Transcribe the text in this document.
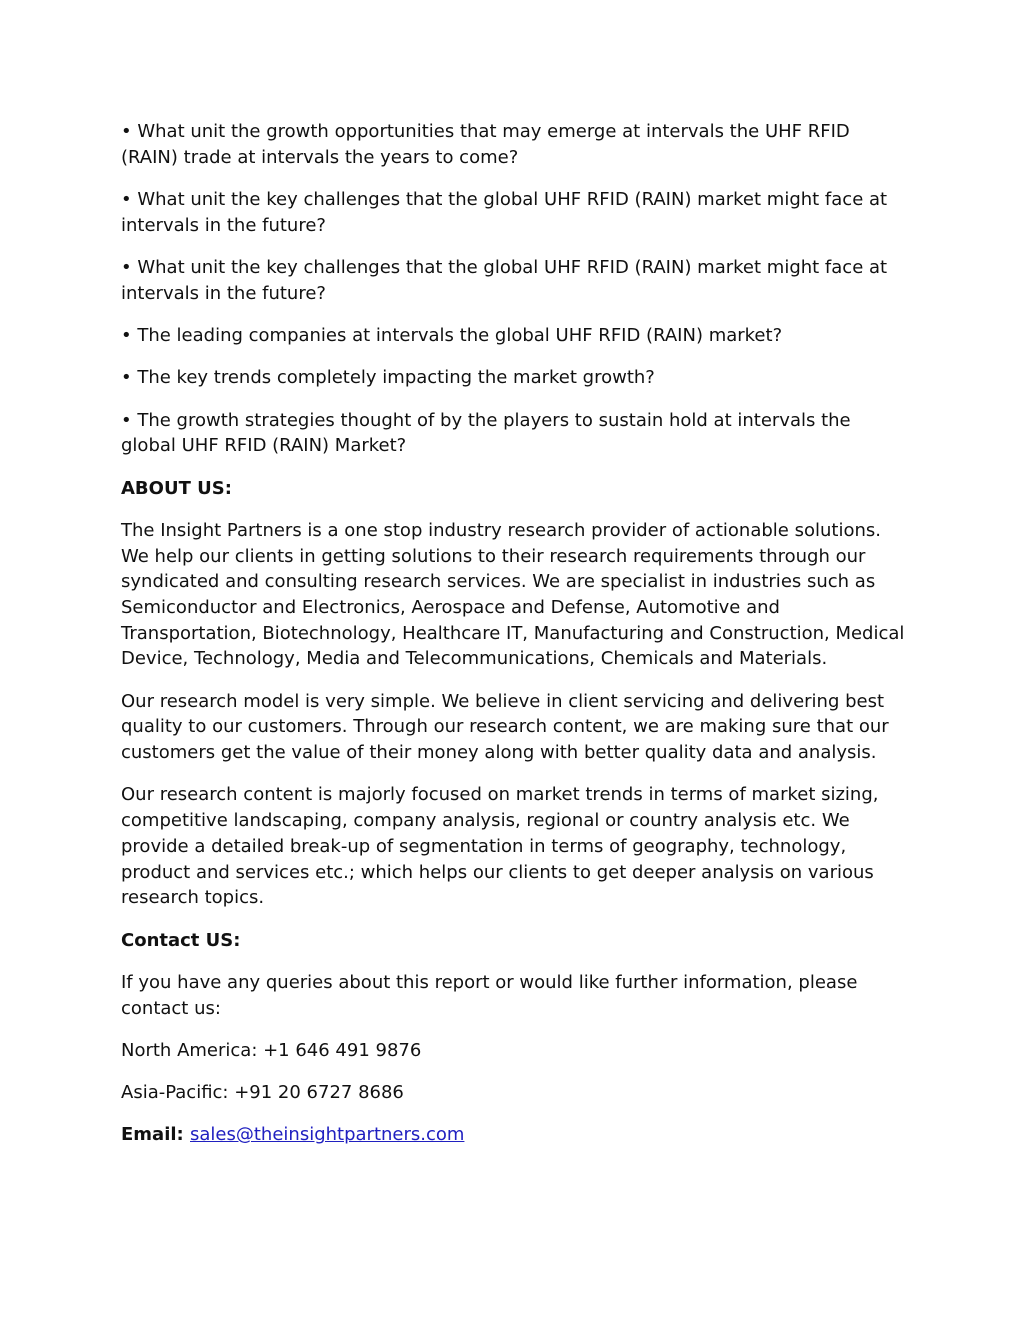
• What unit the growth opportunities that may emerge at intervals the UHF RFID (RAIN) trade at intervals the years to come?

• What unit the key challenges that the global UHF RFID (RAIN) market might face at intervals in the future?

• What unit the key challenges that the global UHF RFID (RAIN) market might face at intervals in the future?

• The leading companies at intervals the global UHF RFID (RAIN) market?

• The key trends completely impacting the market growth?

• The growth strategies thought of by the players to sustain hold at intervals the global UHF RFID (RAIN) Market?

ABOUT US:

The Insight Partners is a one stop industry research provider of actionable solutions. We help our clients in getting solutions to their research requirements through our syndicated and consulting research services. We are specialist in industries such as Semiconductor and Electronics, Aerospace and Defense, Automotive and Transportation, Biotechnology, Healthcare IT, Manufacturing and Construction, Medical Device, Technology, Media and Telecommunications, Chemicals and Materials.

Our research model is very simple. We believe in client servicing and delivering best quality to our customers. Through our research content, we are making sure that our customers get the value of their money along with better quality data and analysis.

Our research content is majorly focused on market trends in terms of market sizing, competitive landscaping, company analysis, regional or country analysis etc. We provide a detailed break-up of segmentation in terms of geography, technology, product and services etc.; which helps our clients to get deeper analysis on various research topics.

Contact US:

If you have any queries about this report or would like further information, please contact us:

North America: +1 646 491 9876

Asia-Pacific: +91 20 6727 8686

Email: sales@theinsightpartners.com
